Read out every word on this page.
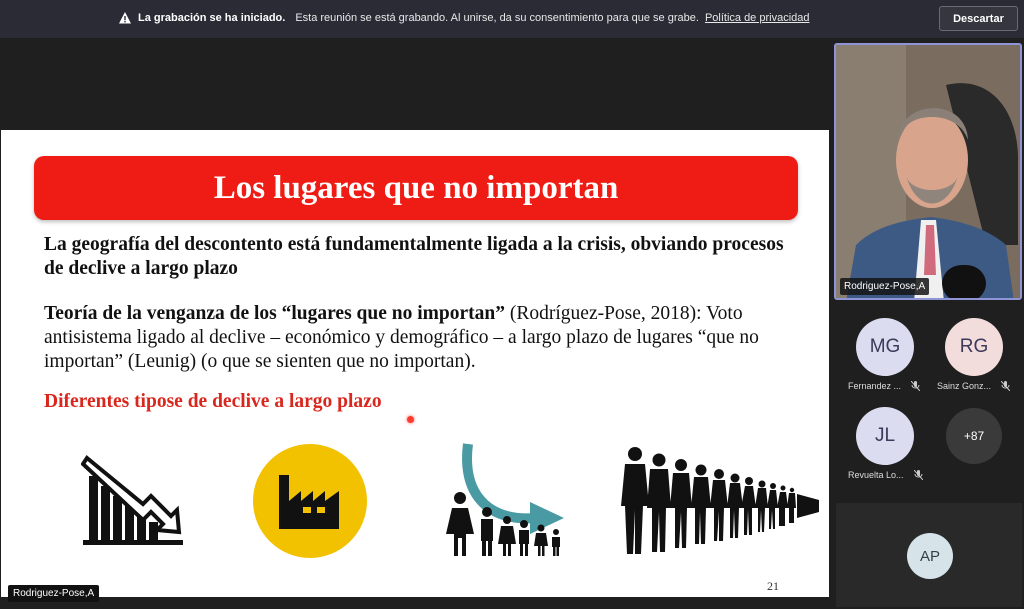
La grabación se ha iniciado. Esta reunión se está grabando. Al unirse, da su consentimiento para que se grabe. Política de privacidad	Descartar
Los lugares que no importan
La geografía del descontento está fundamentalmente ligada a la crisis, obviando procesos de declive a largo plazo
Teoría de la venganza de los “lugares que no importan” (Rodríguez-Pose, 2018): Voto antisistema ligado al declive – económico y demográfico – a largo plazo de lugares “que no importan” (Leunig) (o que se sienten que no importan).
Diferentes tipose de declive a largo plazo
21
Rodriguez-Pose,A
Rodriguez-Pose,A
MG
Fernandez ...
RG
Sainz Gonz...
JL
Revuelta Lo...
+87
AP
